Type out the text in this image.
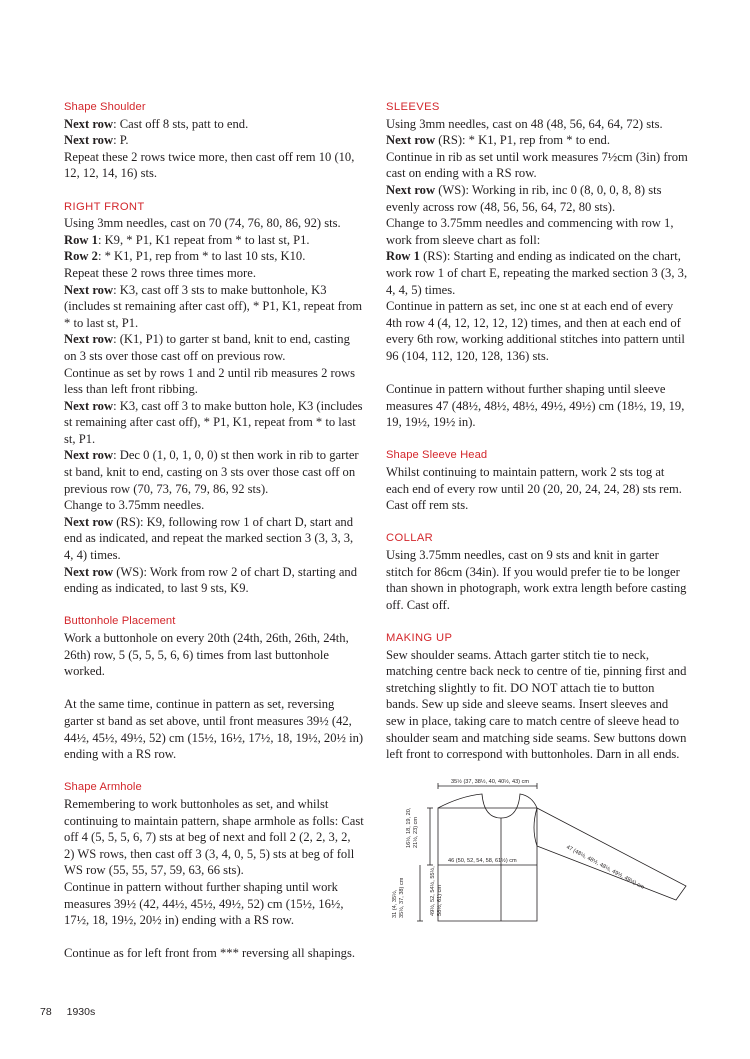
Shape Shoulder

Next row: Cast off 8 sts, patt to end.

Next row: P.

Repeat these 2 rows twice more, then cast off rem 10 (10, 12, 12, 14, 16) sts.

RIGHT FRONT

Using 3mm needles, cast on 70 (74, 76, 80, 86, 92) sts.

Row 1: K9, * P1, K1 repeat from * to last st, P1.

Row 2: * K1, P1, rep from * to last 10 sts, K10.

Repeat these 2 rows three times more.

Next row: K3, cast off 3 sts to make buttonhole, K3 (includes st remaining after cast off), * P1, K1, repeat from * to last st, P1.

Next row: (K1, P1) to garter st band, knit to end, casting on 3 sts over those cast off on previous row.

Continue as set by rows 1 and 2 until rib measures 2 rows less than left front ribbing.

Next row: K3, cast off 3 to make button hole, K3 (includes st remaining after cast off), * P1, K1, repeat from * to last st, P1.

Next row: Dec 0 (1, 0, 1, 0, 0) st then work in rib to garter st band, knit to end, casting on 3 sts over those cast off on previous row (70, 73, 76, 79, 86, 92 sts).

Change to 3.75mm needles.

Next row (RS): K9, following row 1 of chart D, start and end as indicated, and repeat the marked section 3 (3, 3, 3, 4, 4) times.

Next row (WS): Work from row 2 of chart D, starting and ending as indicated, to last 9 sts, K9.

Buttonhole Placement

Work a buttonhole on every 20th (24th, 26th, 26th, 24th, 26th) row, 5 (5, 5, 5, 6, 6) times from last buttonhole worked.

At the same time, continue in pattern as set, reversing garter st band as set above, until front measures 39½ (42, 44½, 45½, 49½, 52) cm (15½, 16½, 17½, 18, 19½, 20½ in) ending with a RS row.

Shape Armhole

Remembering to work buttonholes as set, and whilst continuing to maintain pattern, shape armhole as folls: Cast off 4 (5, 5, 5, 6, 7) sts at beg of next and foll 2 (2, 2, 3, 2, 2) WS rows, then cast off 3 (3, 4, 0, 5, 5) sts at beg of foll WS row (55, 55, 57, 59, 63, 66 sts).

Continue in pattern without further shaping until work measures 39½ (42, 44½, 45½, 49½, 52) cm (15½, 16½, 17½, 18, 19½, 20½ in) ending with a RS row.

Continue as for left front from *** reversing all shapings.

SLEEVES

Using 3mm needles, cast on 48 (48, 56, 64, 64, 72) sts.

Next row (RS): * K1, P1, rep from * to end.

Continue in rib as set until work measures 7½cm (3in) from cast on ending with a RS row.

Next row (WS): Working in rib, inc 0 (8, 0, 0, 8, 8) sts evenly across row (48, 56, 56, 64, 72, 80 sts).

Change to 3.75mm needles and commencing with row 1, work from sleeve chart as foll:

Row 1 (RS): Starting and ending as indicated on the chart, work row 1 of chart E, repeating the marked section 3 (3, 3, 4, 4, 5) times.

Continue in pattern as set, inc one st at each end of every 4th row 4 (4, 12, 12, 12, 12) times, and then at each end of every 6th row, working additional stitches into pattern until 96 (104, 112, 120, 128, 136) sts.

Continue in pattern without further shaping until sleeve measures 47 (48½, 48½, 48½, 49½, 49½) cm (18½, 19, 19, 19, 19½, 19½ in).

Shape Sleeve Head

Whilst continuing to maintain pattern, work 2 sts tog at each end of every row until 20 (20, 20, 24, 24, 28) sts rem. Cast off rem sts.

COLLAR

Using 3.75mm needles, cast on 9 sts and knit in garter stitch for 86cm (34in). If you would prefer tie to be longer than shown in photograph, work extra length before casting off. Cast off.

MAKING UP

Sew shoulder seams. Attach garter stitch tie to neck, matching centre back neck to centre of tie, pinning first and stretching slightly to fit. DO NOT attach tie to button bands. Sew up side and sleeve seams. Insert sleeves and sew in place, taking care to match centre of sleeve head to shoulder seam and matching side seams. Sew buttons down left front to correspond with buttonholes. Darn in all ends.

35½ (37, 38½, 40, 40½, 43) cm
46 (50, 52, 54, 58, 61½) cm
16½, 18, 19, 20, 21½, 23) cm
31 (4, 35½, 35½, 37, 38) cm	49½, 52, 54½, 55½, 58½, 61) cm
47 (48½, 48½, 48½, 49½, 49½) cm
78 1930s
